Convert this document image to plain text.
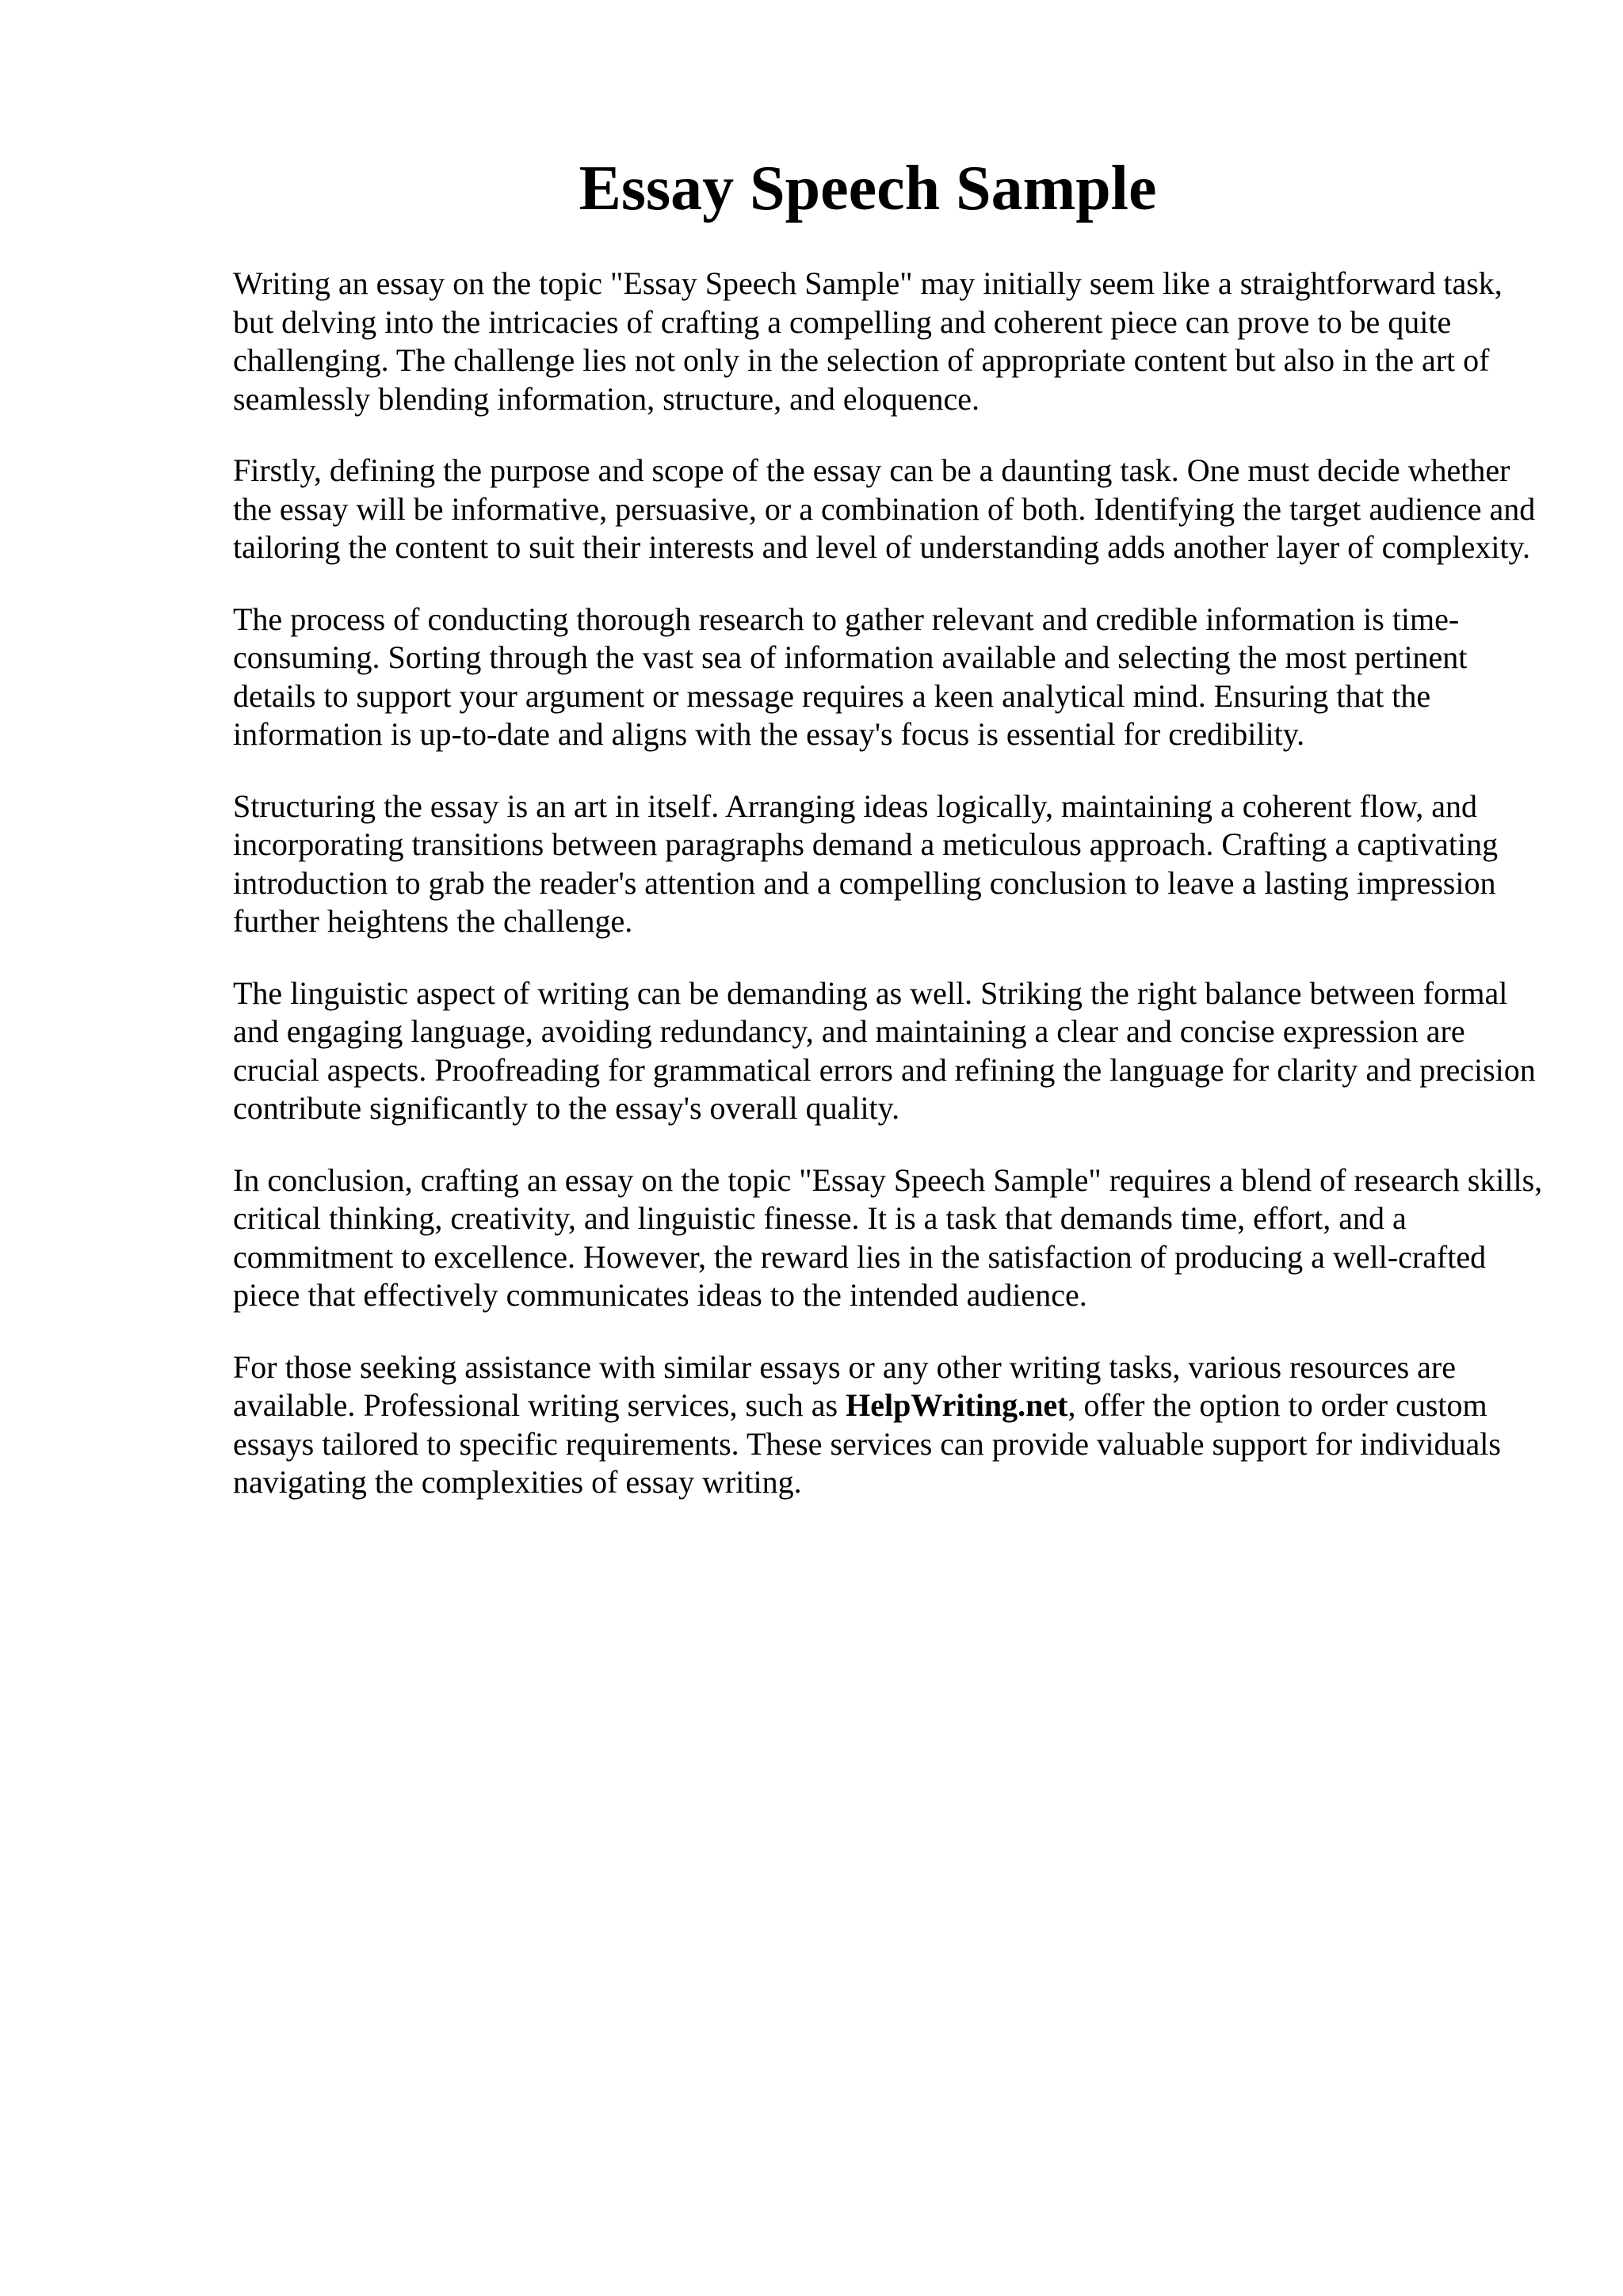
Essay Speech Sample

Writing an essay on the topic "Essay Speech Sample" may initially seem like a straightforward task, but delving into the intricacies of crafting a compelling and coherent piece can prove to be quite challenging. The challenge lies not only in the selection of appropriate content but also in the art of seamlessly blending information, structure, and eloquence.

Firstly, defining the purpose and scope of the essay can be a daunting task. One must decide whether the essay will be informative, persuasive, or a combination of both. Identifying the target audience and tailoring the content to suit their interests and level of understanding adds another layer of complexity.

The process of conducting thorough research to gather relevant and credible information is time-consuming. Sorting through the vast sea of information available and selecting the most pertinent details to support your argument or message requires a keen analytical mind. Ensuring that the information is up-to-date and aligns with the essay's focus is essential for credibility.

Structuring the essay is an art in itself. Arranging ideas logically, maintaining a coherent flow, and incorporating transitions between paragraphs demand a meticulous approach. Crafting a captivating introduction to grab the reader's attention and a compelling conclusion to leave a lasting impression further heightens the challenge.

The linguistic aspect of writing can be demanding as well. Striking the right balance between formal and engaging language, avoiding redundancy, and maintaining a clear and concise expression are crucial aspects. Proofreading for grammatical errors and refining the language for clarity and precision contribute significantly to the essay's overall quality.

In conclusion, crafting an essay on the topic "Essay Speech Sample" requires a blend of research skills, critical thinking, creativity, and linguistic finesse. It is a task that demands time, effort, and a commitment to excellence. However, the reward lies in the satisfaction of producing a well-crafted piece that effectively communicates ideas to the intended audience.

For those seeking assistance with similar essays or any other writing tasks, various resources are available. Professional writing services, such as HelpWriting.net, offer the option to order custom essays tailored to specific requirements. These services can provide valuable support for individuals navigating the complexities of essay writing.
